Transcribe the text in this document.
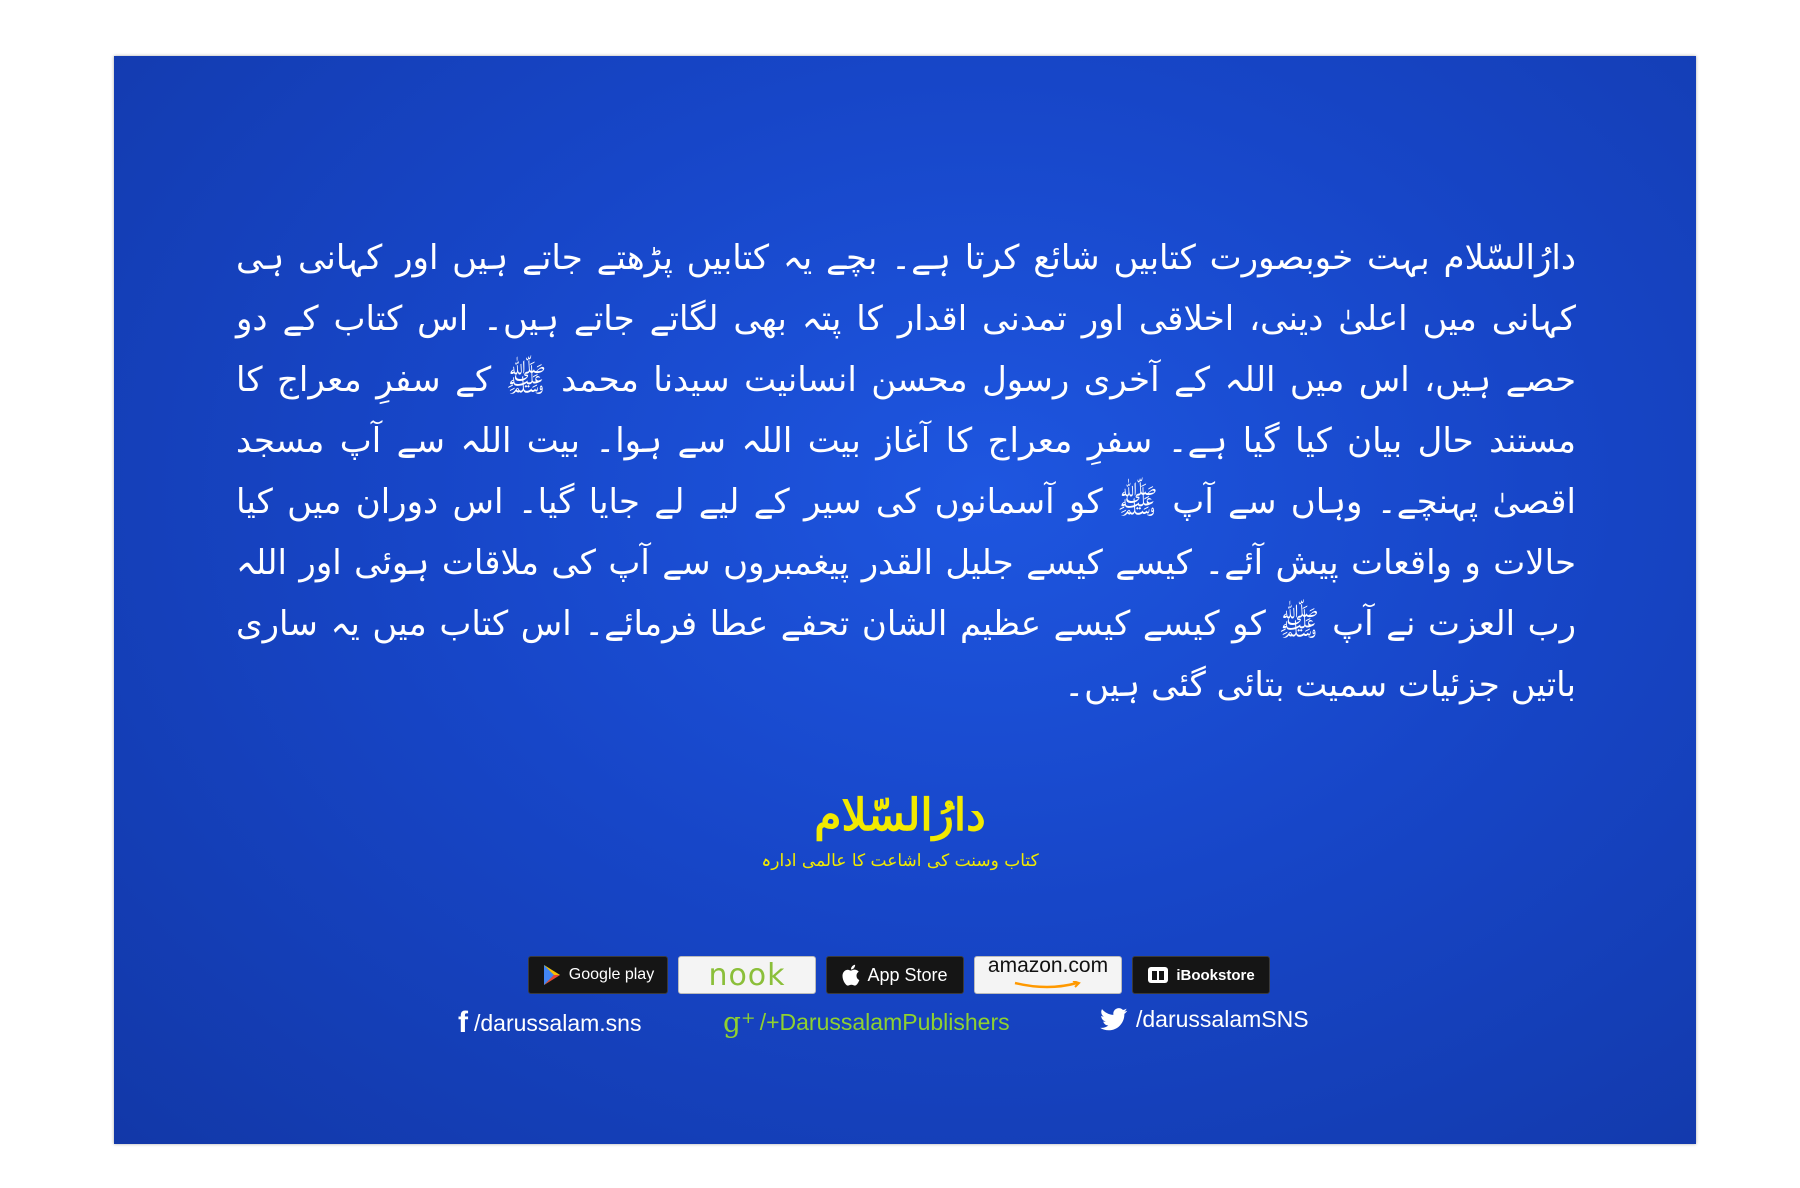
دارُالسّلام بہت خوبصورت کتابیں شائع کرتا ہے۔ بچے یہ کتابیں پڑھتے جاتے ہیں اور کہانی ہی کہانی میں اعلیٰ دینی، اخلاقی اور تمدنی اقدار کا پتہ بھی لگاتے جاتے ہیں۔ اس کتاب کے دو حصے ہیں، اس میں اللہ کے آخری رسول محسن انسانیت سیدنا محمد ﷺ کے سفرِ معراج کا مستند حال بیان کیا گیا ہے۔ سفرِ معراج کا آغاز بیت اللہ سے ہوا۔ بیت اللہ سے آپ مسجد اقصیٰ پہنچے۔ وہاں سے آپ ﷺ کو آسمانوں کی سیر کے لیے لے جایا گیا۔ اس دوران میں کیا حالات و واقعات پیش آئے۔ کیسے کیسے جلیل القدر پیغمبروں سے آپ کی ملاقات ہوئی اور اللہ رب العزت نے آپ ﷺ کو کیسے کیسے عظیم الشان تحفے عطا فرمائے۔ اس کتاب میں یہ ساری باتیں جزئیات سمیت بتائی گئی ہیں۔

دارُالسّلام
کتاب وسنت کی اشاعت کا عالمی ادارہ
Google play nook	App Store amazon.com	iBookstore
f /darussalam.sns	g⁺ /+DarussalamPublishers	/darussalamSNS
